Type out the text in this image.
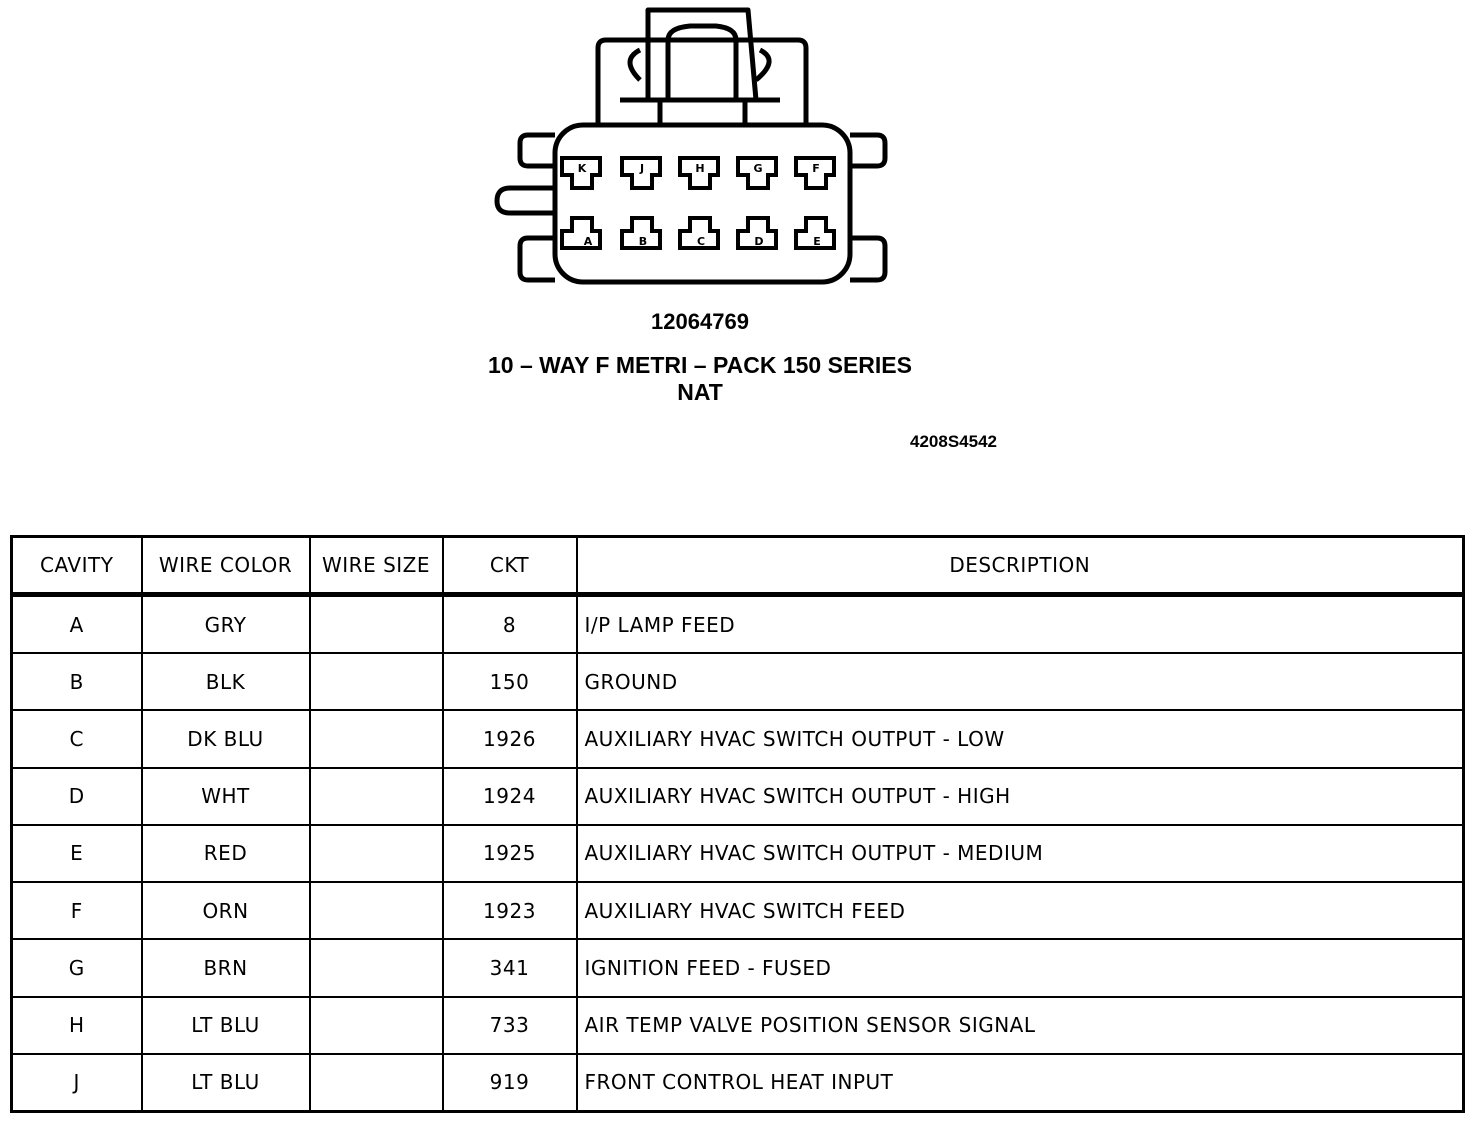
K	J	H	G	F
A	B	C	D	E
12064769
10 – WAY F METRI – PACK 150 SERIES
NAT
4208S4542
CAVITY	WIRE COLOR	WIRE SIZE	CKT	DESCRIPTION
A	GRY		8	I/P LAMP FEED
B	BLK		150	GROUND
C	DK BLU		1926	AUXILIARY HVAC SWITCH OUTPUT - LOW
D	WHT		1924	AUXILIARY HVAC SWITCH OUTPUT - HIGH
E	RED		1925	AUXILIARY HVAC SWITCH OUTPUT - MEDIUM
F	ORN		1923	AUXILIARY HVAC SWITCH FEED
G	BRN		341	IGNITION FEED - FUSED
H	LT BLU		733	AIR TEMP VALVE POSITION SENSOR SIGNAL
J	LT BLU		919	FRONT CONTROL HEAT INPUT
